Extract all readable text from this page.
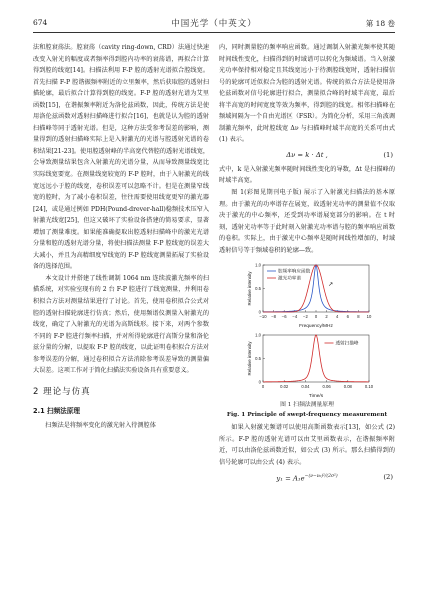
674	中国光学（中英文）	第 18 卷

法和腔衰荡法。腔衰荡（cavity ring-down, CRD）法通过快速改变入射光的幅度或者频率得到腔内功率的衰荡谱，再拟合计算得到腔的线宽[14]。扫描法利用 F-P 腔的透射光谱拟合腔线宽。首先扫描 F-P 腔谐振频率附近的立里频率，然后获取腔的透射扫描轮廓，最后拟合计算得到腔的线宽。F-P 腔的透射光谱为艾里函数[15]，在谐振频率附近为洛伦兹函数，因此，传统方法是使用洛伦兹函数对透射扫描峰进行拟合[16]，也就是认为腔的透射扫描峰等同于透射光谱。但是，这种方法受参考误差的影响，测量得到的透射扫描峰实际上是入射激光的光谱与腔透射光谱的卷积结果[21-23]。使用腔透射峰的半高宽代替腔的透射光谱线宽，会导致测量结果包含入射激光的光谱分量，从而导致测量线宽比实际线宽要宽。在测量线宽较宽的 F-P 腔时，由于入射激光的线宽远远小于腔的线宽，卷积误差可以忽略不计。但是在测量窄线宽的腔时，为了减小卷积误差，往往需要使用线宽更窄的激光器[24]，或是通过例如 PDH(Pound-drever-hall)稳频技术压窄入射激光线宽[25]，但这又破坏了实验设备搭建的简易要求，显著增加了测量难度。如果能准确提取出腔透射扫描峰中的激光光谱分量和腔的透射光谱分量，将使扫描法测量 F-P 腔线宽的误差大大减小，并且为高精细度窄线宽的 F-P 腔线宽测量拓展了实验设备的选择范围。

本文设计并搭建了线性调制 1064 nm 连续波激光频率的扫描系统，对实验室现有的 2 台 F-P 腔进行了线宽测量，并利用卷积拟合方法对测量结果进行了讨论。首先，使用卷积拟合公式对腔的透射扫描轮廓进行仿真；然后，使用频谱仪测量入射激光的线宽，确定了入射激光的光谱为高斯线形。接下来，对两个参数不同的 F-P 腔进行频率扫描，并对所得轮廓进行高斯分量和洛伦兹分量的分解，以提取 F-P 腔的线宽，以此证明卷积拟合方法对参考误差的分解，通过卷积拟合方法消除参考误差导致的测量偏大误差。这项工作对于简化扫描法实验设备具有重要意义。

2 理论与仿真
2.1 扫频法原理

扫频法是将频率变化的激光射入待测腔体

内，同时测量腔的频率响应函数。通过调制入射激光频率使其随时间线性变化，扫描得到的时域谱可以转化为频域谱。当入射激光功率保持相对稳定且其线宽远小于待测腔线宽时，透射扫描信号的轮廓可近似拟合为腔的透射光谱。传统的拟合方法是使用洛伦兹函数对信号轮廓进行拟合，测量拟合峰的时域半高宽，最后将半高宽的时间宽度等效为频率，得到腔的线宽。相邻扫描峰在频域间隔为一个自由光谱区（FSR）。为简化分析，采用三角波调制激光频率，此时腔线宽 Δν 与扫描峰时域半高宽的关系可由式 (1) 表示。

Δν = k · Δt ,	(1)

式中，k 是入射激光频率随时间线性变化的导数，Δt 是扫描峰的时域半高宽。

图 1(彩图见期刊电子版) 展示了入射激光扫描法的基本原理。由于激光的功率谱存在展宽，故透射光功率的测量值不仅取决于激光的中心频率，还受到功率谱展宽部分的影响。在 t 时刻，透射光功率等于此时刻入射激光功率谱与腔的频率响应函数的卷积。实际上，由于激光中心频率是随时间线性增加的，时域透射信号等于频域卷积的轮廓—致。

−10 −8 −6 −4 −2 0 2 4 6 8 10
0
0.5
1.0
Frequency/MHz
Relative intensity	腔频率响应函数
激光功率谱
↗
0	0.02	0.04	0.06	0.08	0.10
0
0.5
1.0
Time/s
Relative intensity	透射扫描峰
图 1 扫频法测量原理
Fig. 1 Principle of swept-frequency measurement

如果入射激光频谱可以使用高斯函数表示[13]，如公式 (2) 所示。F-P 腔的透射光谱可以由艾里函数表示，在谐振频率附近，可以由洛伦兹函数近似，如公式 (3) 所示。那么扫描得到的信号轮廓可以由公式 (4) 表示。

$y_1 = A_1e^{-(\nu-\nu_0)^2/(2\sigma^2)}$	(2)
